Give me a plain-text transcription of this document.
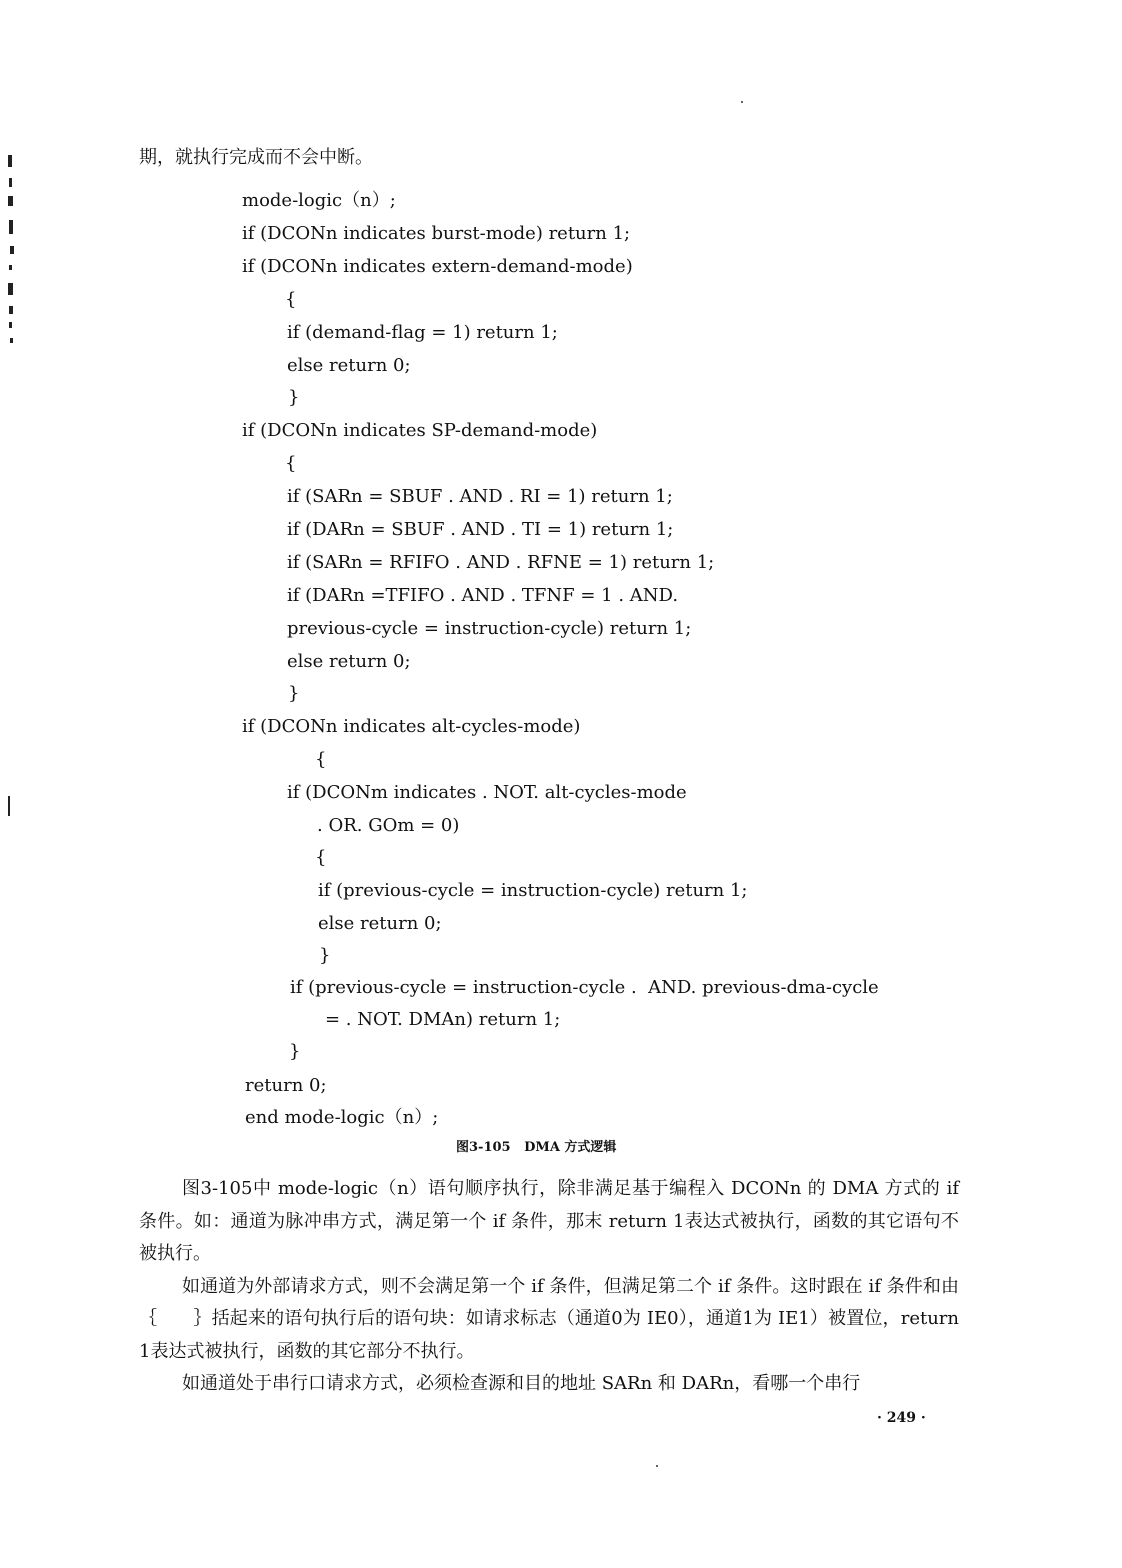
期，就执行完成而不会中断。
mode-logic（n）;
if (DCONn indicates burst-mode) return 1;
if (DCONn indicates extern-demand-mode)
{
if (demand-flag = 1) return 1;
else return 0;
}
if (DCONn indicates SP-demand-mode)
{
if (SARn = SBUF . AND . RI = 1) return 1;
if (DARn = SBUF . AND . TI = 1) return 1;
if (SARn = RFIFO . AND . RFNE = 1) return 1;
if (DARn =TFIFO . AND . TFNF = 1 . AND.
previous-cycle = instruction-cycle) return 1;
else return 0;
}
if (DCONn indicates alt-cycles-mode)
{
if (DCONm indicates . NOT. alt-cycles-mode
. OR. GOm = 0)
{
if (previous-cycle = instruction-cycle) return 1;
else return 0;
}
if (previous-cycle = instruction-cycle .  AND. previous-dma-cycle
= . NOT. DMAn) return 1;
}
return 0;
end mode-logic（n）;
图3-105   DMA 方式逻辑

图3-105中 mode-logic（n）语句顺序执行，除非满足基于编程入 DCONn 的 DMA 方式的 if 条件。如：通道为脉冲串方式，满足第一个 if 条件，那末 return 1表达式被执行，函数的其它语句不被执行。

如通道为外部请求方式，则不会满足第一个 if 条件，但满足第二个 if 条件。这时跟在 if 条件和由｛　　｝括起来的语句执行后的语句块：如请求标志（通道0为 IE0），通道1为 IE1）被置位，return 1表达式被执行，函数的其它部分不执行。

如通道处于串行口请求方式，必须检查源和目的地址 SARn 和 DARn，看哪一个串行

· 249 ·
